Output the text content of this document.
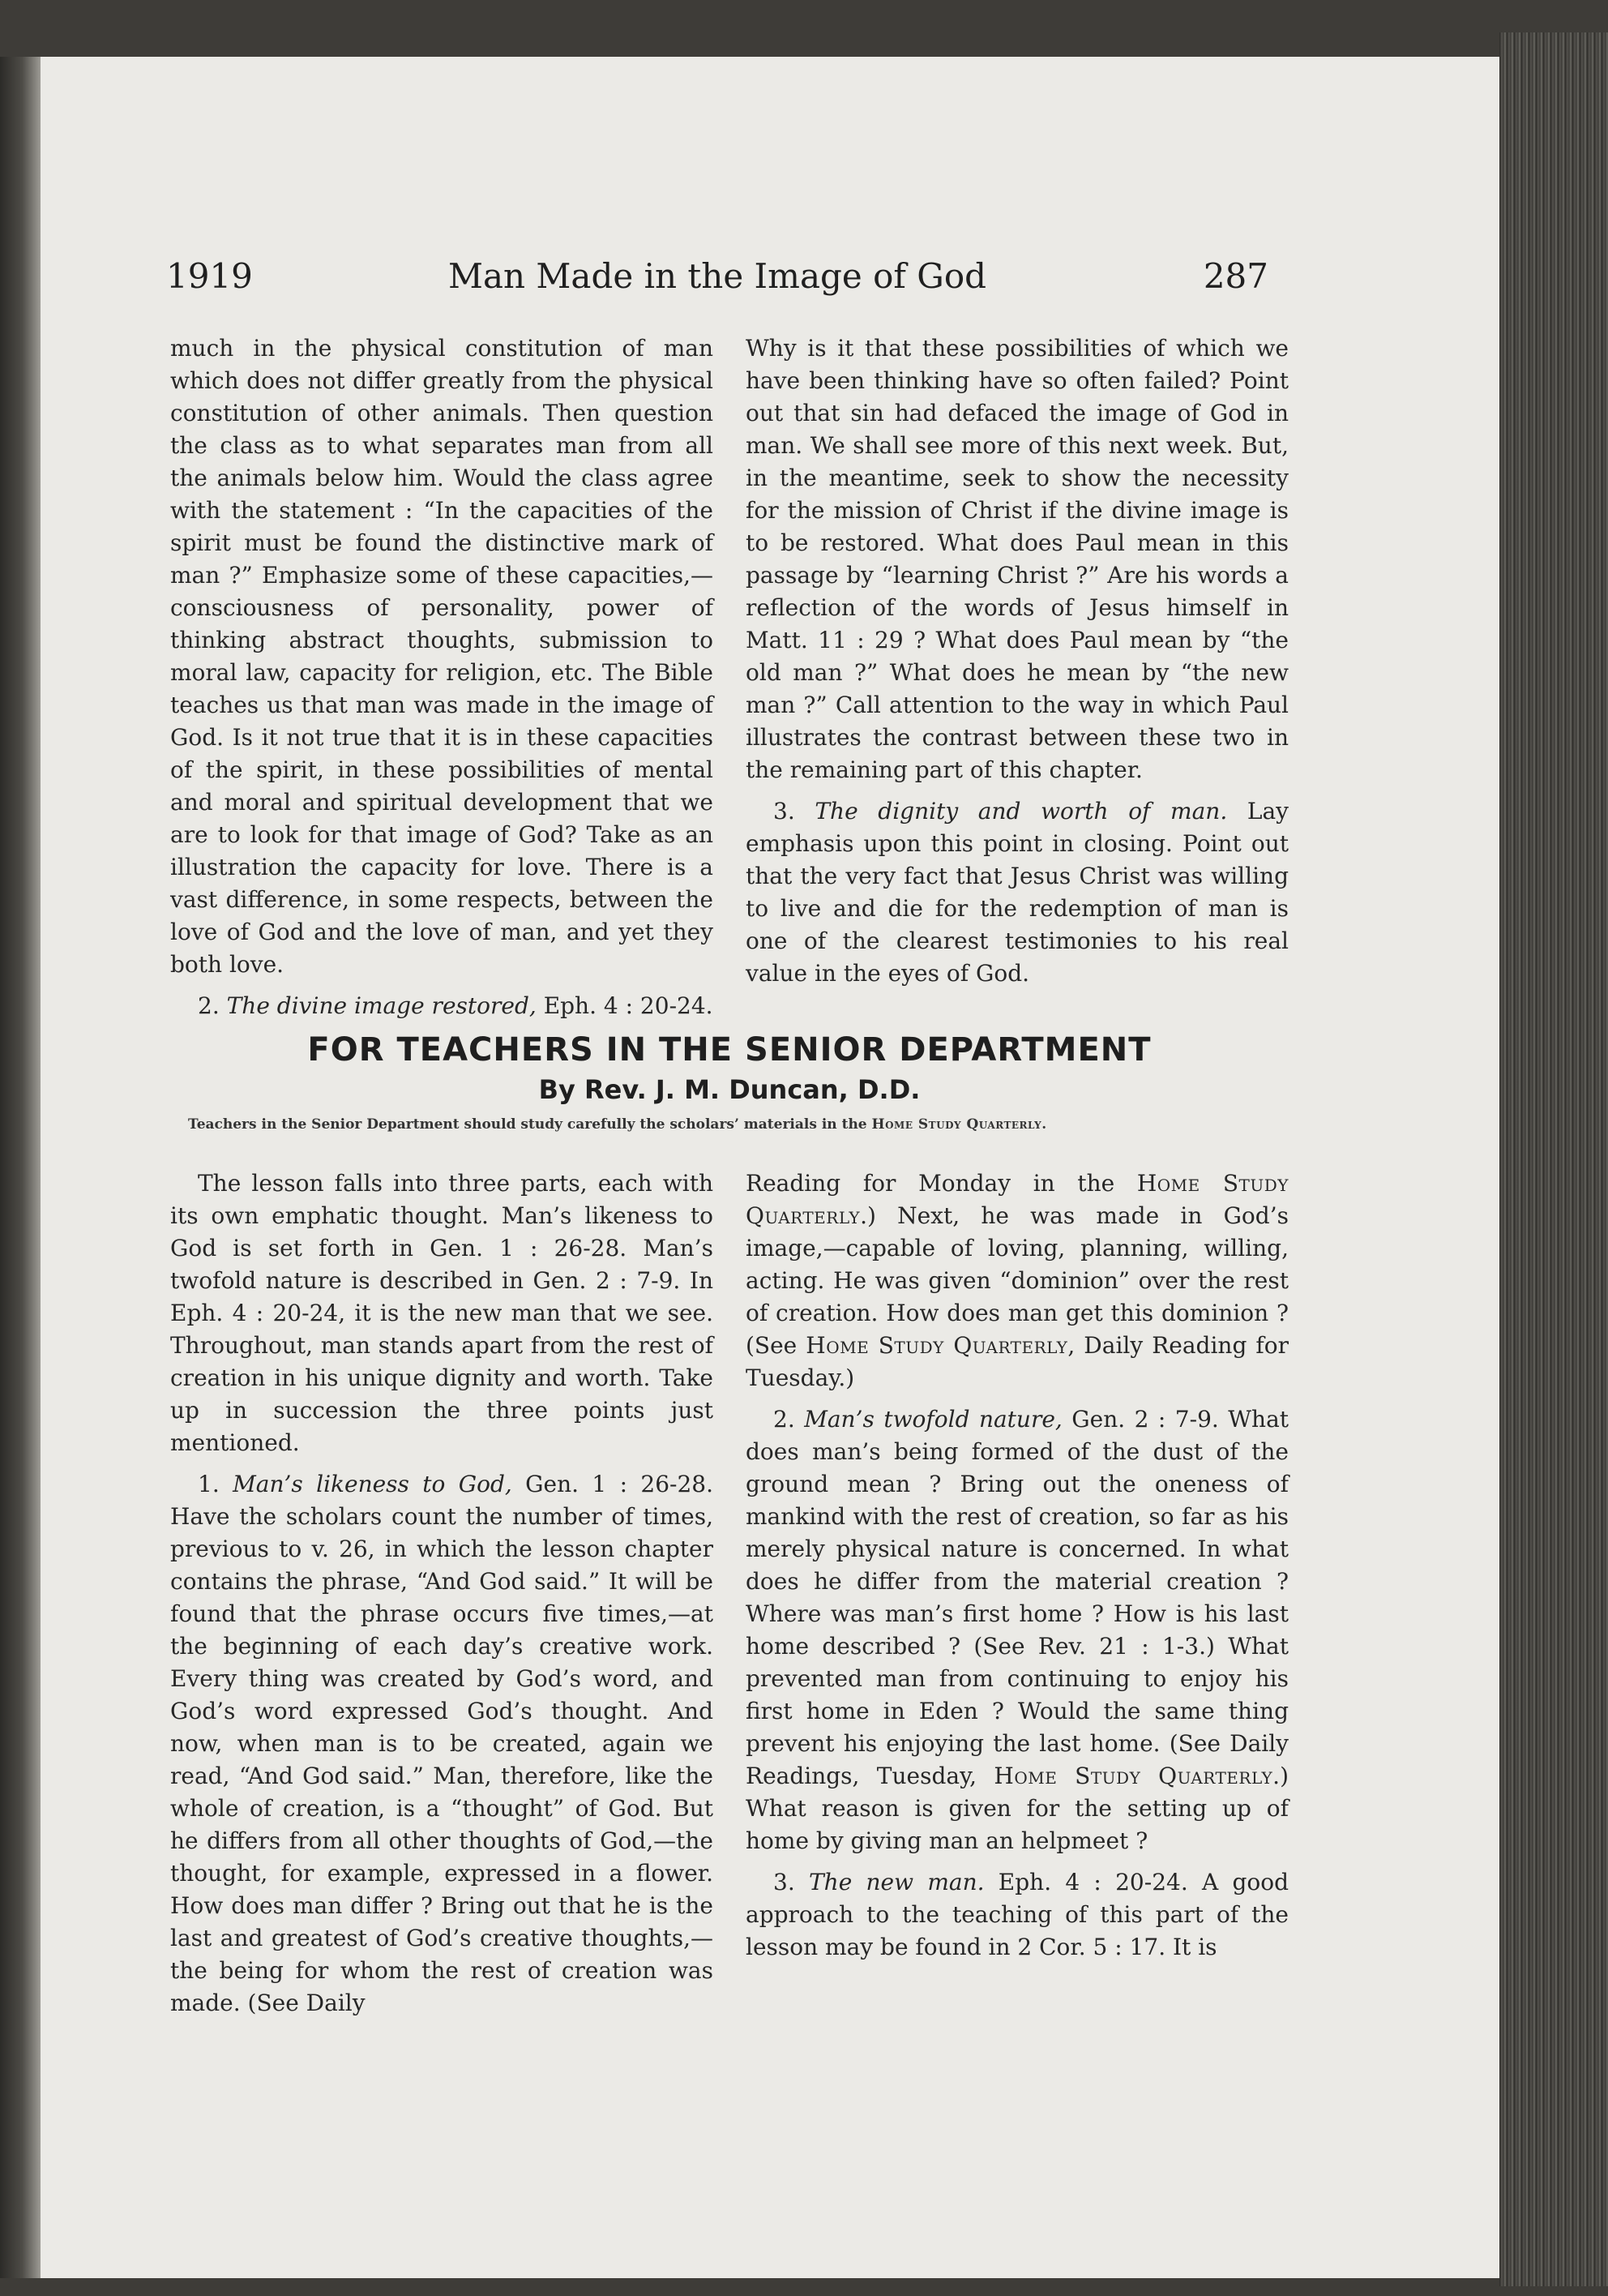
1919	Man Made in the Image of God	287

much in the physical constitution of man which does not differ greatly from the physical constitution of other animals. Then question the class as to what separates man from all the animals below him. Would the class agree with the statement : “In the capacities of the spirit must be found the distinctive mark of man ?” Emphasize some of these capacities,—consciousness of personality, power of thinking abstract thoughts, submission to moral law, capacity for religion, etc. The Bible teaches us that man was made in the image of God. Is it not true that it is in these capacities of the spirit, in these possibilities of mental and moral and spiritual development that we are to look for that image of God? Take as an illustration the capacity for love. There is a vast difference, in some respects, between the love of God and the love of man, and yet they both love.

2. The divine image restored, Eph. 4 : 20-24.

Why is it that these possibilities of which we have been thinking have so often failed? Point out that sin had defaced the image of God in man. We shall see more of this next week. But, in the meantime, seek to show the necessity for the mission of Christ if the divine image is to be restored. What does Paul mean in this passage by “learning Christ ?” Are his words a reflection of the words of Jesus himself in Matt. 11 : 29 ? What does Paul mean by “the old man ?” What does he mean by “the new man ?” Call attention to the way in which Paul illustrates the contrast between these two in the remaining part of this chapter.

3. The dignity and worth of man. Lay emphasis upon this point in closing. Point out that the very fact that Jesus Christ was willing to live and die for the redemption of man is one of the clearest testimonies to his real value in the eyes of God.

FOR TEACHERS IN THE SENIOR DEPARTMENT

By Rev. J. M. Duncan, D.D.

Teachers in the Senior Department should study carefully the scholars’ materials in the Home Study Quarterly.

The lesson falls into three parts, each with its own emphatic thought. Man’s likeness to God is set forth in Gen. 1 : 26-28. Man’s twofold nature is described in Gen. 2 : 7-9. In Eph. 4 : 20-24, it is the new man that we see. Throughout, man stands apart from the rest of creation in his unique dignity and worth. Take up in succession the three points just mentioned.

1. Man’s likeness to God, Gen. 1 : 26-28. Have the scholars count the number of times, previous to v. 26, in which the lesson chapter contains the phrase, “And God said.” It will be found that the phrase occurs five times,—at the beginning of each day’s creative work. Every thing was created by God’s word, and God’s word expressed God’s thought. And now, when man is to be created, again we read, “And God said.” Man, therefore, like the whole of creation, is a “thought” of God. But he differs from all other thoughts of God,—the thought, for example, expressed in a flower. How does man differ ? Bring out that he is the last and greatest of God’s creative thoughts,—the being for whom the rest of creation was made. (See Daily

Reading for Monday in the Home Study Quarterly.) Next, he was made in God’s image,—capable of loving, planning, willing, acting. He was given “dominion” over the rest of creation. How does man get this dominion ? (See Home Study Quarterly, Daily Reading for Tuesday.)

2. Man’s twofold nature, Gen. 2 : 7-9. What does man’s being formed of the dust of the ground mean ? Bring out the oneness of mankind with the rest of creation, so far as his merely physical nature is concerned. In what does he differ from the material creation ? Where was man’s first home ? How is his last home described ? (See Rev. 21 : 1-3.) What prevented man from continuing to enjoy his first home in Eden ? Would the same thing prevent his enjoying the last home. (See Daily Readings, Tuesday, Home Study Quarterly.) What reason is given for the setting up of home by giving man an helpmeet ?

3. The new man. Eph. 4 : 20-24. A good approach to the teaching of this part of the lesson may be found in 2 Cor. 5 : 17. It is
